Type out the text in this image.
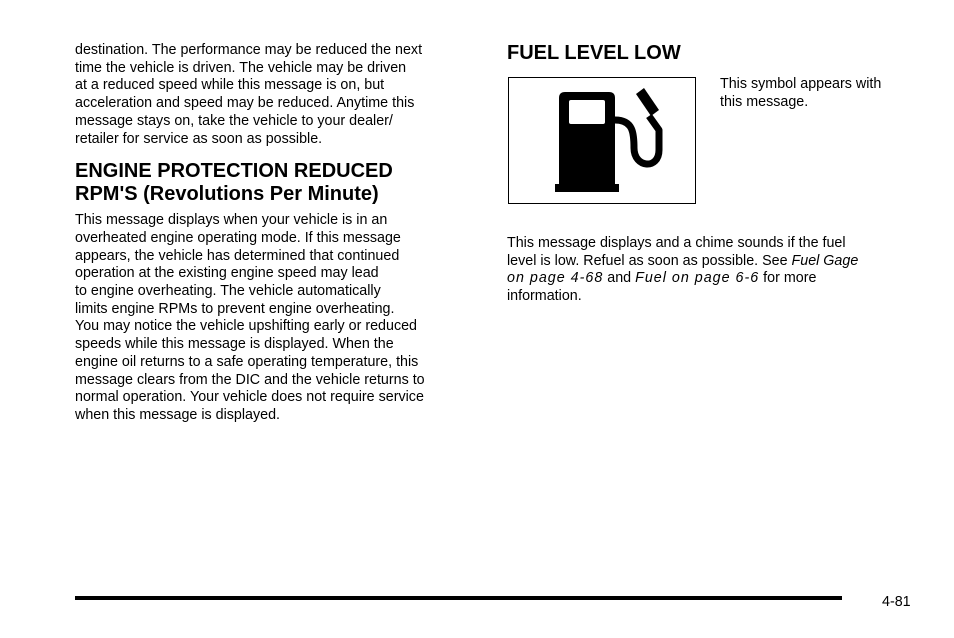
destination. The performance may be reduced the next
time the vehicle is driven. The vehicle may be driven
at a reduced speed while this message is on, but
acceleration and speed may be reduced. Anytime this
message stays on, take the vehicle to your dealer/
retailer for service as soon as possible.
ENGINE PROTECTION REDUCED
RPM'S (Revolutions Per Minute)
This message displays when your vehicle is in an
overheated engine operating mode. If this message
appears, the vehicle has determined that continued
operation at the existing engine speed may lead
to engine overheating. The vehicle automatically
limits engine RPMs to prevent engine overheating.
You may notice the vehicle upshifting early or reduced
speeds while this message is displayed. When the
engine oil returns to a safe operating temperature, this
message clears from the DIC and the vehicle returns to
normal operation. Your vehicle does not require service
when this message is displayed.
FUEL LEVEL LOW
This symbol appears with
this message.
This message displays and a chime sounds if the fuel
level is low. Refuel as soon as possible. See Fuel Gage
on page 4-68 and Fuel on page 6-6 for more
information.
4-81
